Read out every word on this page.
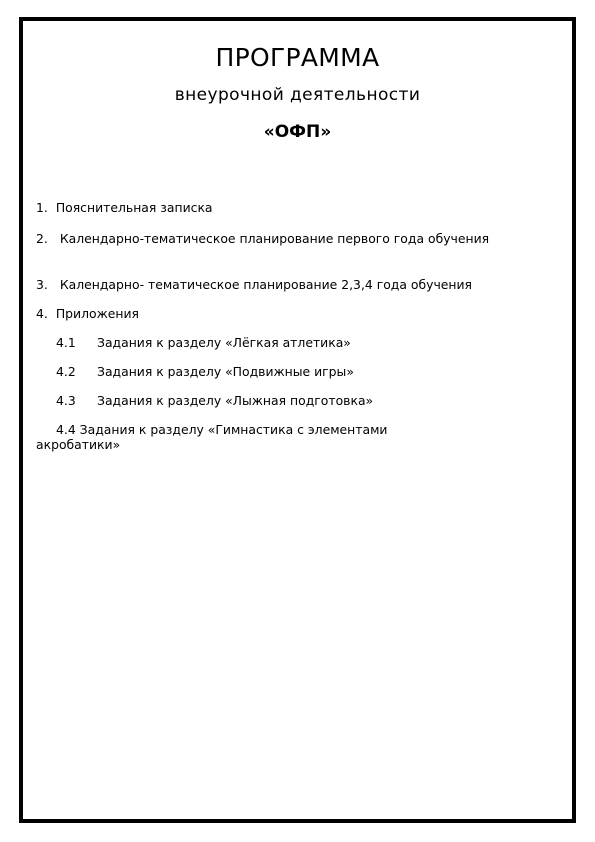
ПРОГРАММА
внеурочной деятельности
«ОФП»
1. Пояснительная записка
2. Календарно-тематическое планирование первого года обучения
3. Календарно- тематическое планирование 2,3,4 года обучения
4. Приложения
4.1 Задания к разделу «Лёгкая атлетика»
4.2 Задания к разделу «Подвижные игры»
4.3 Задания к разделу «Лыжная подготовка»
4.4 Задания к разделу «Гимнастика с элементами акробатики»
